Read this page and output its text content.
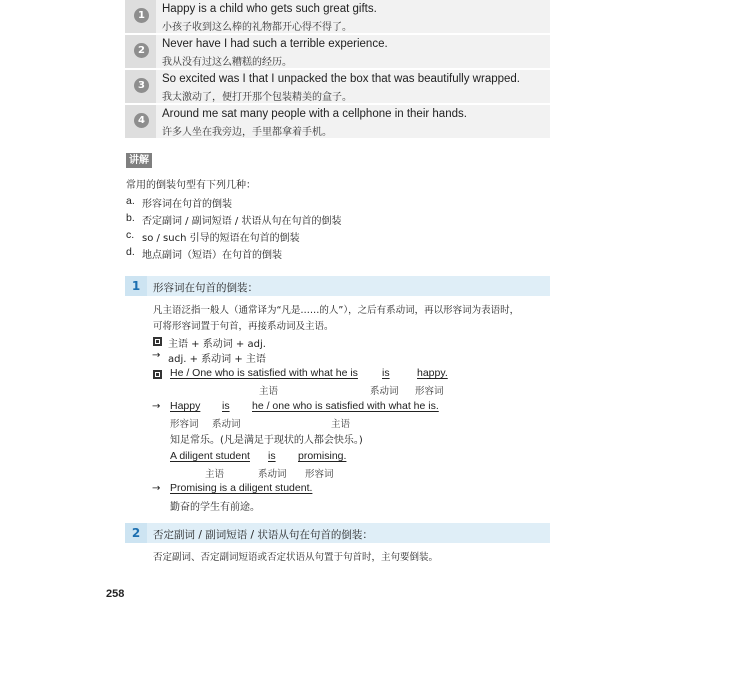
1
Happy is a child who gets such great gifts.
小孩子收到这么棒的礼物都开心得不得了。
2
Never have I had such a terrible experience.
我从没有过这么糟糕的经历。
3
So excited was I that I unpacked the box that was beautifully wrapped.
我太激动了，便打开那个包装精美的盒子。
4
Around me sat many people with a cellphone in their hands.
许多人坐在我旁边，手里都拿着手机。
讲解
常用的倒装句型有下列几种：
a. 形容词在句首的倒装
b. 否定副词 / 副词短语 / 状语从句在句首的倒装
c. so / such 引导的短语在句首的倒装
d. 地点副词（短语）在句首的倒装
1	形容词在句首的倒装：
凡主语泛指一般人（通常译为“凡是……的人”），之后有系动词，再以形容词为表语时，
可将形容词置于句首，再接系动词及主语。
主语 + 系动词 + adj.
→ adj. + 系动词 + 主语
He / One who is satisfied with what he is is	happy.
主语	系动词 形容词
→ Happy is he / one who is satisfied with what he is.
形容词 系动词	主语
知足常乐。(凡是满足于现状的人都会快乐。)
A diligent student is promising.
主语	系动词 形容词
→ Promising is a diligent student.
勤奋的学生有前途。
2	否定副词 / 副词短语 / 状语从句在句首的倒装：
否定副词、否定副词短语或否定状语从句置于句首时，主句要倒装。
258
